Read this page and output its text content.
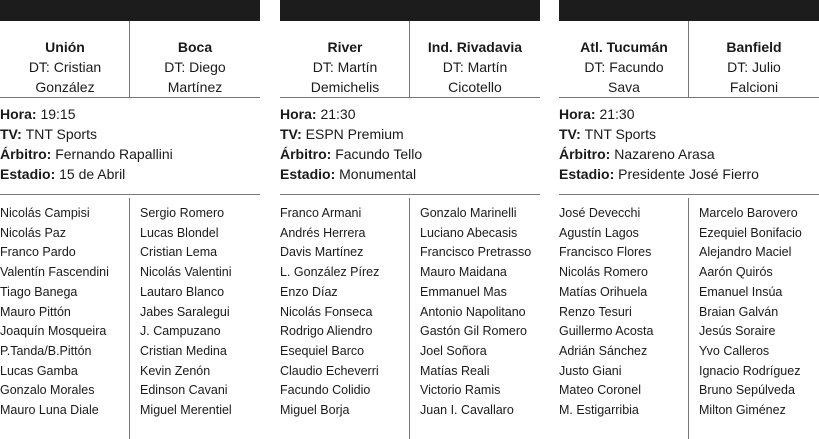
Unión
DT: Cristian
González
Boca
DT: Diego
Martínez
Hora: 19:15
TV: TNT Sports
Árbitro: Fernando Rapallini
Estadio: 15 de Abril
Nicolás Campisi
Nicolás Paz
Franco Pardo
Valentín Fascendini
Tiago Banega
Mauro Pittón
Joaquín Mosqueira
P.Tanda/B.Pittón
Lucas Gamba
Gonzalo Morales
Mauro Luna Diale
Sergio Romero
Lucas Blondel
Cristian Lema
Nicolás Valentini
Lautaro Blanco
Jabes Saralegui
J. Campuzano
Cristian Medina
Kevin Zenón
Edinson Cavani
Miguel Merentiel
River
DT: Martín
Demichelis
Ind. Rivadavia
DT: Martín
Cicotello
Hora: 21:30
TV: ESPN Premium
Árbitro: Facundo Tello
Estadio: Monumental
Franco Armani
Andrés Herrera
Davis Martínez
L. González Pírez
Enzo Díaz
Nicolás Fonseca
Rodrigo Aliendro
Esequiel Barco
Claudio Echeverri
Facundo Colidio
Miguel Borja
Gonzalo Marinelli
Luciano Abecasis
Francisco Pretrasso
Mauro Maidana
Emmanuel Mas
Antonio Napolitano
Gastón Gil Romero
Joel Soñora
Matías Reali
Victorio Ramis
Juan I. Cavallaro
Atl. Tucumán
DT: Facundo
Sava
Banfield
DT: Julio
Falcioni
Hora: 21:30
TV: TNT Sports
Árbitro: Nazareno Arasa
Estadio: Presidente José Fierro
José Devecchi
Agustín Lagos
Francisco Flores
Nicolás Romero
Matías Orihuela
Renzo Tesuri
Guillermo Acosta
Adrián Sánchez
Justo Giani
Mateo Coronel
M. Estigarribia
Marcelo Barovero
Ezequiel Bonifacio
Alejandro Maciel
Aarón Quirós
Emanuel Insúa
Braian Galván
Jesús Soraire
Yvo Calleros
Ignacio Rodríguez
Bruno Sepúlveda
Milton Giménez
